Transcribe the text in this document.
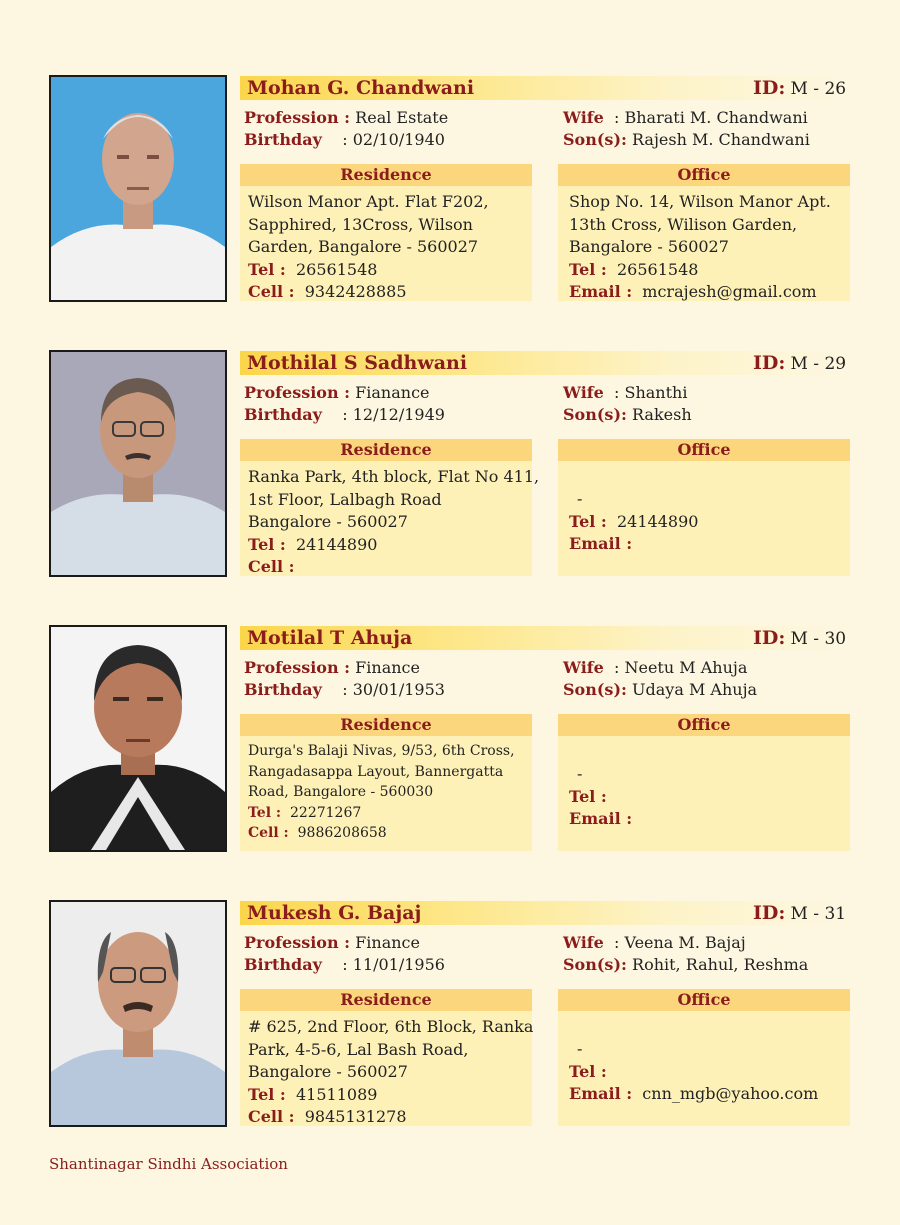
Mohan G. Chandwani	ID: M - 26
Profession : Real Estate
Birthday : 02/10/1940
Wife : Bharati M. Chandwani
Son(s): Rajesh M. Chandwani
Residence
Wilson Manor Apt. Flat F202,
Sapphired, 13Cross, Wilson
Garden, Bangalore - 560027
Tel : 26561548
Cell : 9342428885
Office
Shop No. 14, Wilson Manor Apt.
13th Cross, Wilison Garden,
Bangalore - 560027
Tel : 26561548
Email : mcrajesh@gmail.com
Mothilal S Sadhwani	ID: M - 29
Profession : Fianance
Birthday : 12/12/1949
Wife : Shanthi
Son(s): Rakesh
Residence
Ranka Park, 4th block, Flat No 411,
1st Floor, Lalbagh Road
Bangalore - 560027
Tel : 24144890
Cell :
Office
-
Tel : 24144890
Email :
Motilal T Ahuja	ID: M - 30
Profession : Finance
Birthday : 30/01/1953
Wife : Neetu M Ahuja
Son(s): Udaya M Ahuja
Residence
Durga's Balaji Nivas, 9/53, 6th Cross,
Rangadasappa Layout, Bannergatta
Road, Bangalore - 560030
Tel : 22271267
Cell : 9886208658
Office
-
Tel :
Email :
Mukesh G. Bajaj	ID: M - 31
Profession : Finance
Birthday : 11/01/1956
Wife : Veena M. Bajaj
Son(s): Rohit, Rahul, Reshma
Residence
# 625, 2nd Floor, 6th Block, Ranka
Park, 4-5-6, Lal Bash Road,
Bangalore - 560027
Tel : 41511089
Cell : 9845131278
Office
-
Tel :
Email : cnn_mgb@yahoo.com
Shantinagar Sindhi Association
